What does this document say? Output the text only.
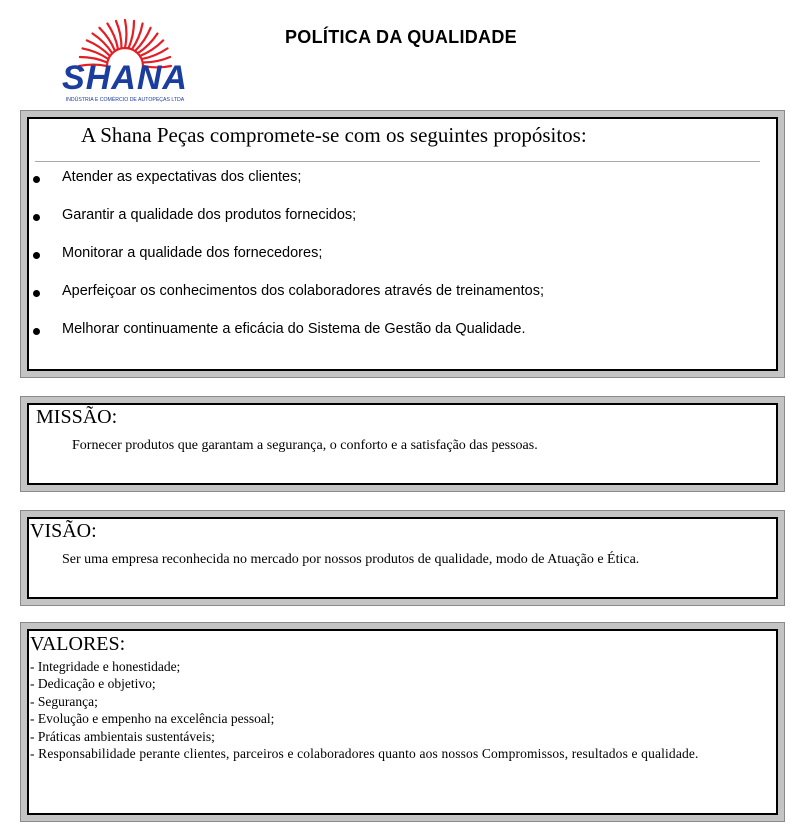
SHANA
INDÚSTRIA E COMÉRCIO DE AUTOPEÇAS LTDA
POLÍTICA DA QUALIDADE
A Shana Peças compromete-se com os seguintes propósitos:
Atender as expectativas dos clientes;
Garantir a qualidade dos produtos fornecidos;
Monitorar a qualidade dos fornecedores;
Aperfeiçoar os conhecimentos dos colaboradores através de treinamentos;
Melhorar continuamente a eficácia do Sistema de Gestão da Qualidade.
MISSÃO:
Fornecer produtos que garantam a segurança, o conforto e a satisfação das pessoas.
VISÃO:
Ser uma empresa reconhecida no mercado por nossos produtos de qualidade, modo de Atuação e Ética.
VALORES:
- Integridade e honestidade;
- Dedicação e objetivo;
- Segurança;
- Evolução e empenho na excelência pessoal;
- Práticas ambientais sustentáveis;
- Responsabilidade perante clientes, parceiros e colaboradores quanto aos nossos Compromissos, resultados e qualidade.
